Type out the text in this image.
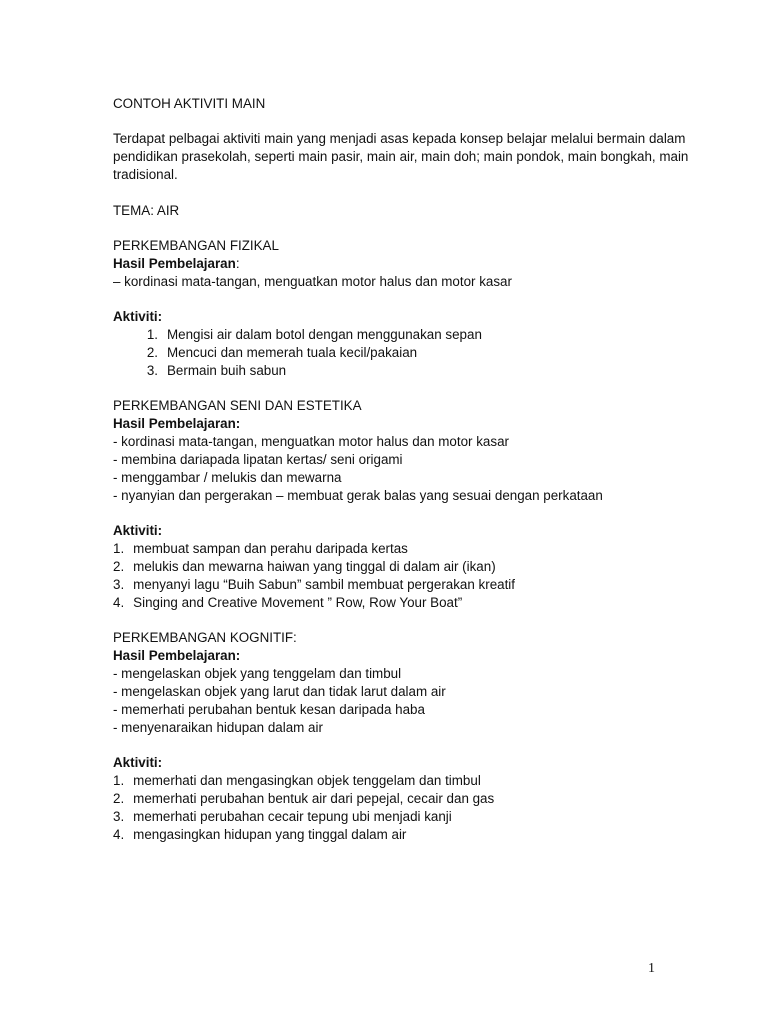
CONTOH AKTIVITI MAIN
Terdapat pelbagai aktiviti main yang menjadi asas kepada konsep belajar melalui bermain dalam
pendidikan prasekolah, seperti main pasir, main air, main doh; main pondok, main bongkah, main
tradisional.
TEMA: AIR
PERKEMBANGAN FIZIKAL
Hasil Pembelajaran:
– kordinasi mata-tangan, menguatkan motor halus dan motor kasar
Aktiviti:
1. Mengisi air dalam botol dengan menggunakan sepan
2. Mencuci dan memerah tuala kecil/pakaian
3. Bermain buih sabun
PERKEMBANGAN SENI DAN ESTETIKA
Hasil Pembelajaran:
- kordinasi mata-tangan, menguatkan motor halus dan motor kasar
- membina dariapada lipatan kertas/ seni origami
- menggambar / melukis dan mewarna
- nyanyian dan pergerakan – membuat gerak balas yang sesuai dengan perkataan
Aktiviti:
1. membuat sampan dan perahu daripada kertas
2. melukis dan mewarna haiwan yang tinggal di dalam air (ikan)
3. menyanyi lagu “Buih Sabun” sambil membuat pergerakan kreatif
4. Singing and Creative Movement ” Row, Row Your Boat”
PERKEMBANGAN KOGNITIF:
Hasil Pembelajaran:
- mengelaskan objek yang tenggelam dan timbul
- mengelaskan objek yang larut dan tidak larut dalam air
- memerhati perubahan bentuk kesan daripada haba
- menyenaraikan hidupan dalam air
Aktiviti:
1. memerhati dan mengasingkan objek tenggelam dan timbul
2. memerhati perubahan bentuk air dari pepejal, cecair dan gas
3. memerhati perubahan cecair tepung ubi menjadi kanji
4. mengasingkan hidupan yang tinggal dalam air
1
